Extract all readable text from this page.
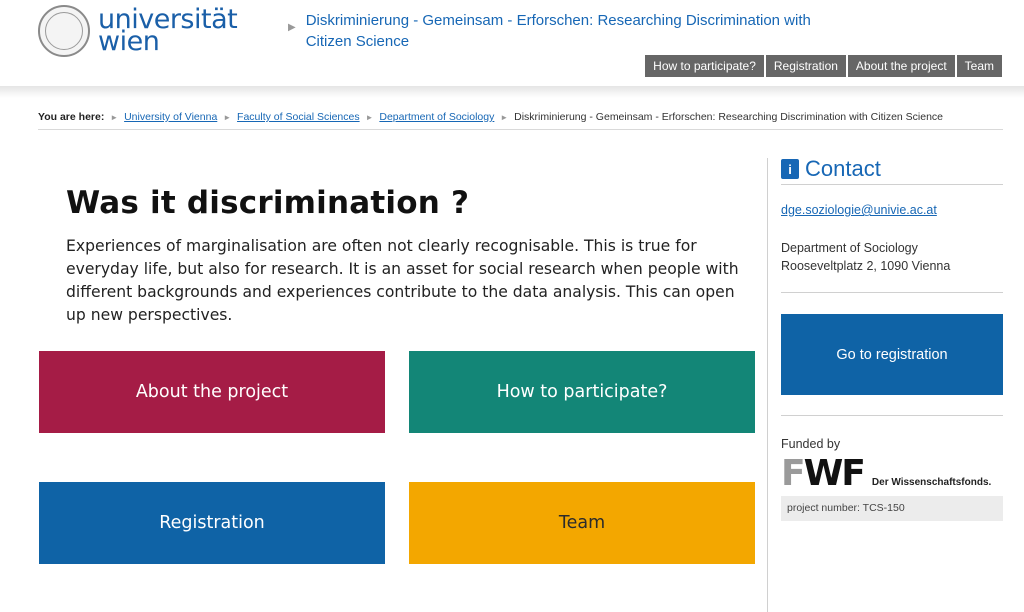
universität
wien	▶ Diskriminierung - Gemeinsam - Erforschen: Researching Discrimination with Citizen Science
How to participate?	Registration	About the project	Team
You are here: ► University of Vienna ► Faculty of Social Sciences ► Department of Sociology ► Diskriminierung - Gemeinsam - Erforschen: Researching Discrimination with Citizen Science
Was it discrimination ?

Experiences of marginalisation are often not clearly recognisable. This is true for everyday life, but also for research. It is an asset for social research when people with different backgrounds and experiences contribute to the data analysis. This can open up new perspectives.

About the project	How to participate?
Registration	Team
i Contact
dge.soziologie@univie.ac.at
Department of Sociology
Rooseveltplatz 2, 1090 Vienna
Go to registration
Funded by
FWF Der Wissenschaftsfonds.
project number: TCS-150
